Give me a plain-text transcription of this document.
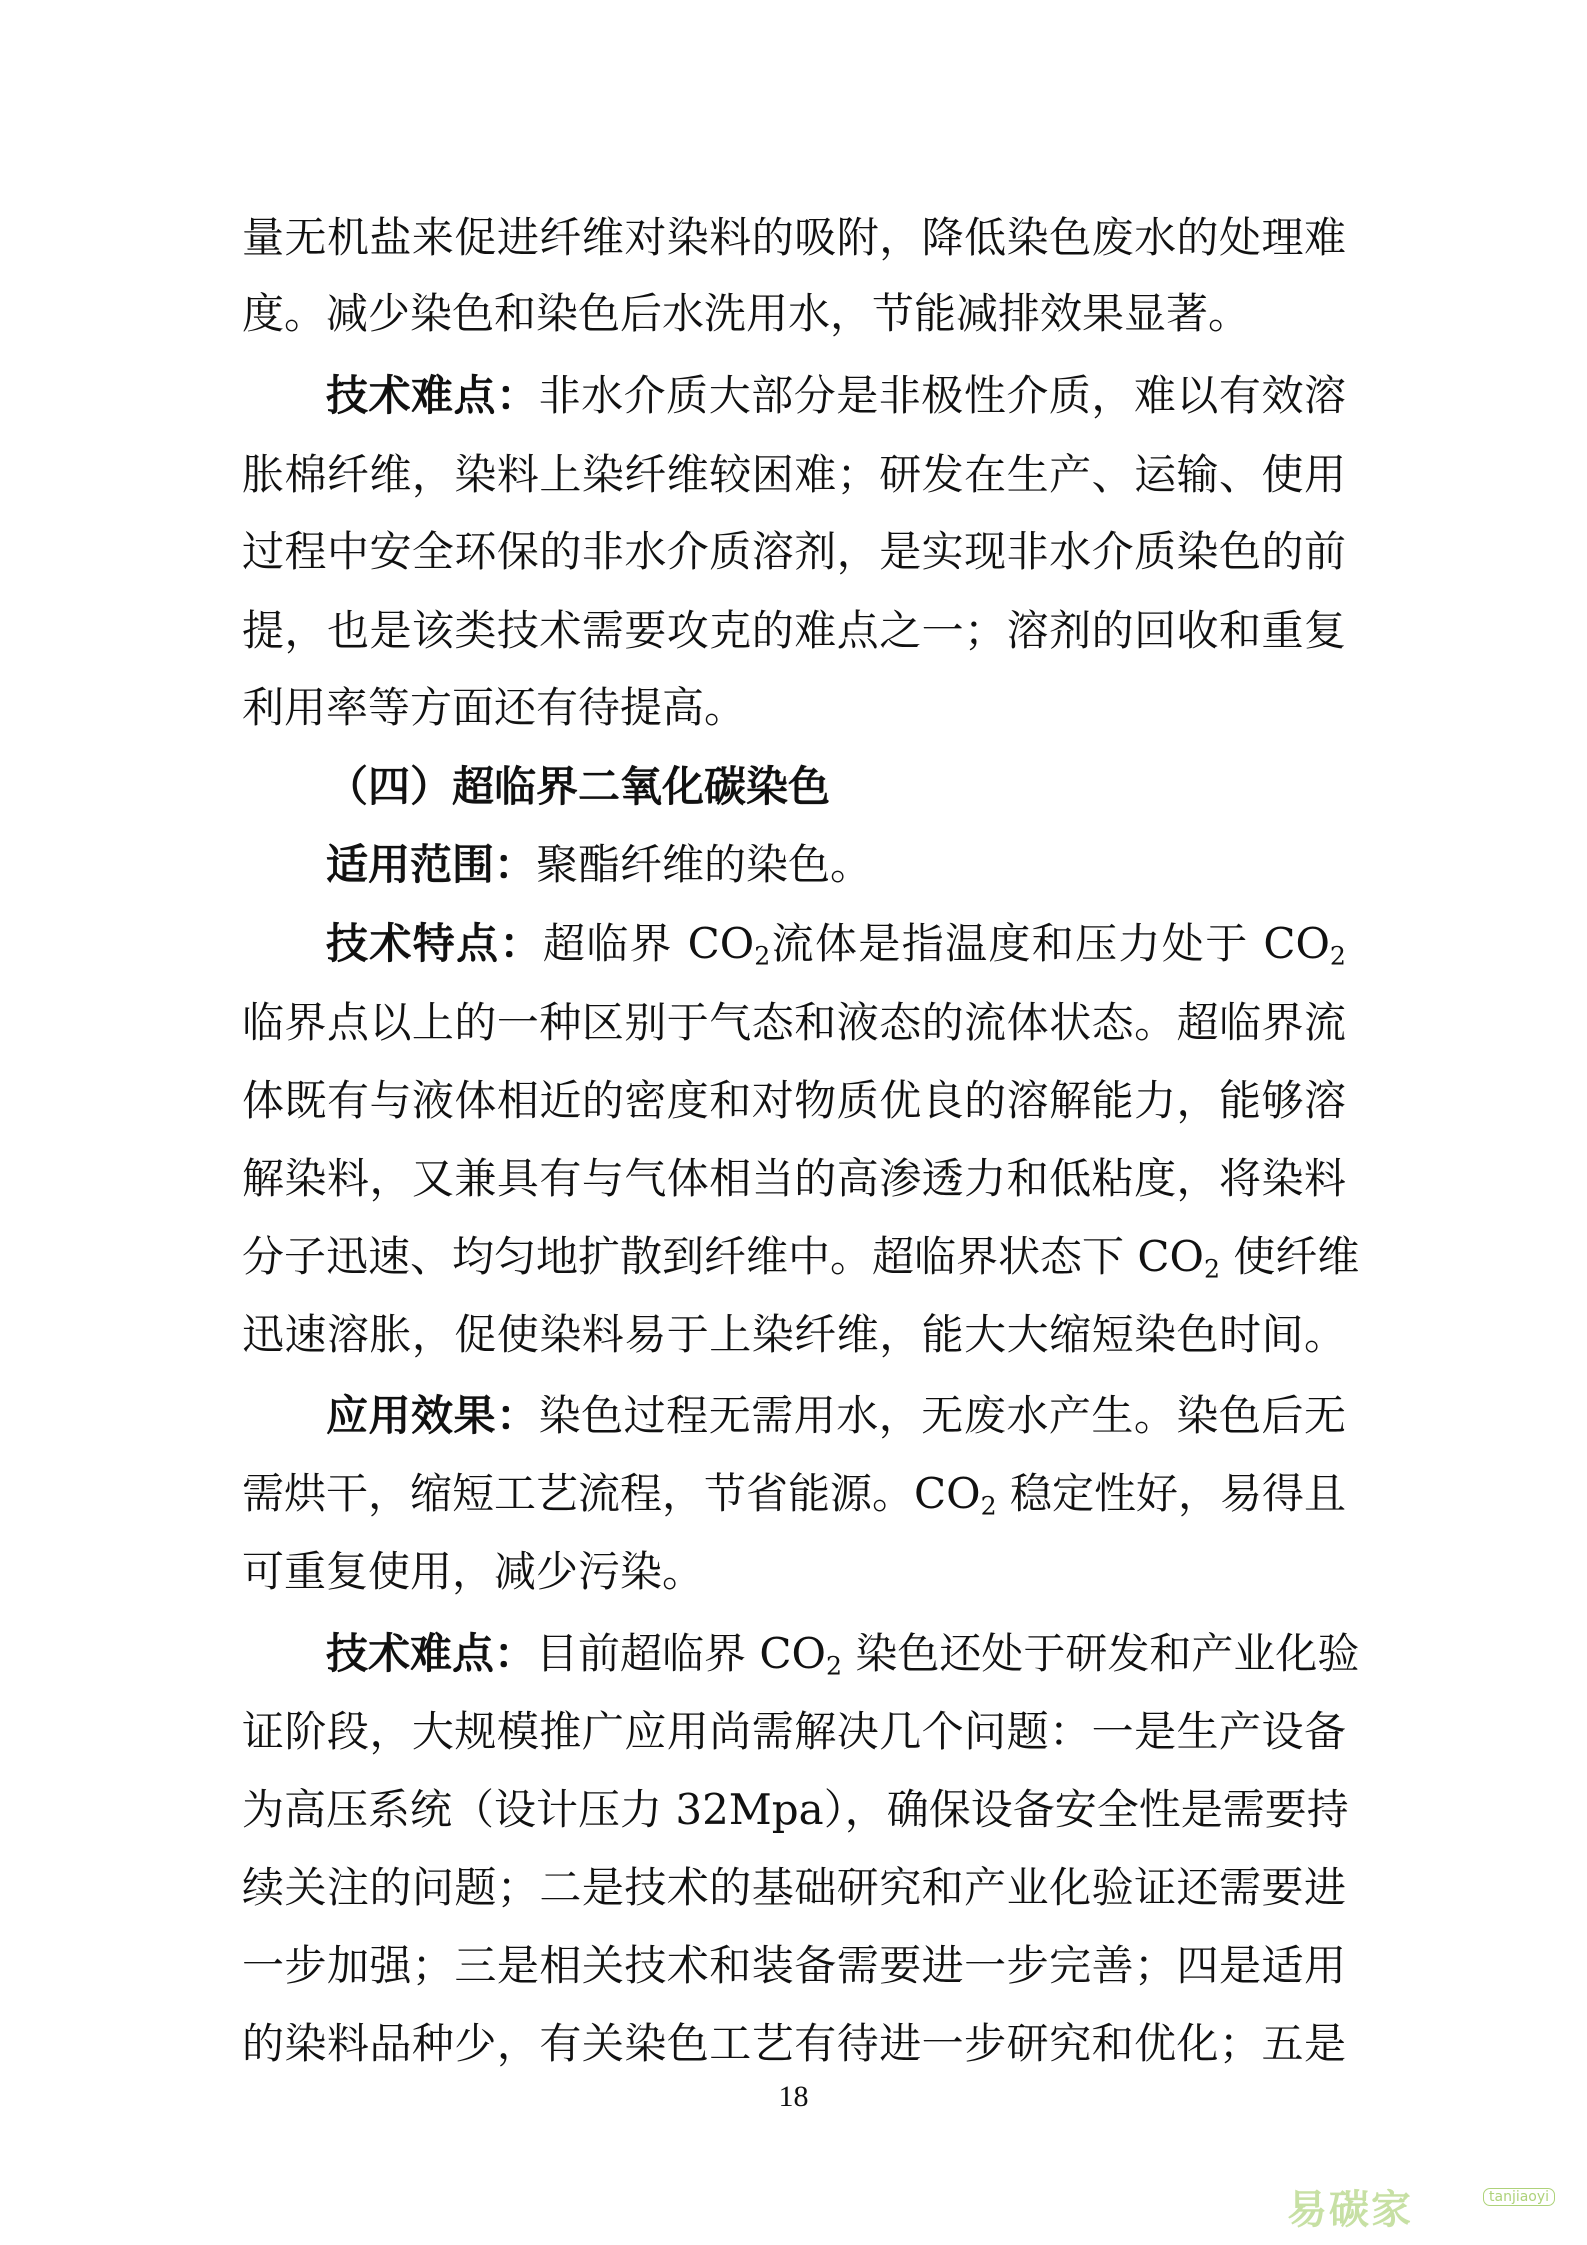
量无机盐来促进纤维对染料的吸附，降低染色废水的处理难
度。减少染色和染色后水洗用水，节能减排效果显著。
技术难点：非水介质大部分是非极性介质，难以有效溶
胀棉纤维，染料上染纤维较困难；研发在生产、运输、使用
过程中安全环保的非水介质溶剂，是实现非水介质染色的前
提，也是该类技术需要攻克的难点之一；溶剂的回收和重复
利用率等方面还有待提高。
（四）超临界二氧化碳染色
适用范围：聚酯纤维的染色。
技术特点：超临界 $CO_2$流体是指温度和压力处于 $CO_2$
临界点以上的一种区别于气态和液态的流体状态。超临界流
体既有与液体相近的密度和对物质优良的溶解能力，能够溶
解染料，又兼具有与气体相当的高渗透力和低粘度，将染料
分子迅速、均匀地扩散到纤维中。超临界状态下 $CO_2$ 使纤维
迅速溶胀，促使染料易于上染纤维，能大大缩短染色时间。
应用效果：染色过程无需用水，无废水产生。染色后无
需烘干，缩短工艺流程，节省能源。$CO_2$ 稳定性好，易得且
可重复使用，减少污染。
技术难点：目前超临界 $CO_2$ 染色还处于研发和产业化验
证阶段，大规模推广应用尚需解决几个问题：一是生产设备
为高压系统（设计压力 32Mpa），确保设备安全性是需要持
续关注的问题；二是技术的基础研究和产业化验证还需要进
一步加强；三是相关技术和装备需要进一步完善；四是适用
的染料品种少，有关染色工艺有待进一步研究和优化；五是
18
易碳家	tanjiaoyi
